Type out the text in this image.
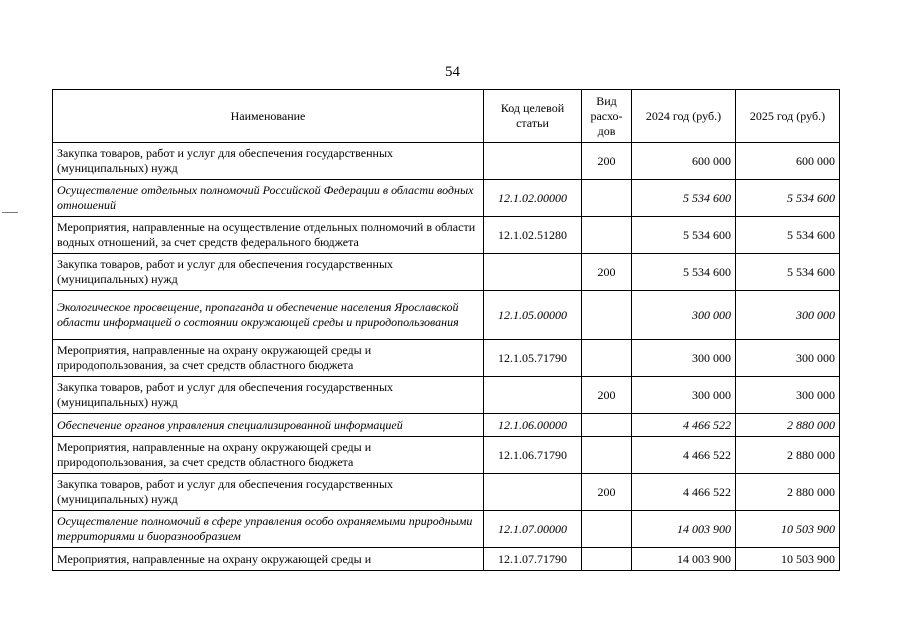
54
Наименование	Код целевой статьи	Вид расхо-дов	2024 год (руб.)	2025 год (руб.)
Закупка товаров, работ и услуг для обеспечения государственных (муниципальных) нужд		200	600 000	600 000
Осуществление отдельных полномочий Российской Федерации в области водных отношений	12.1.02.00000		5 534 600	5 534 600
Мероприятия, направленные на осуществление отдельных полномочий в области водных отношений, за счет средств федерального бюджета	12.1.02.51280		5 534 600	5 534 600
Закупка товаров, работ и услуг для обеспечения государственных (муниципальных) нужд		200	5 534 600	5 534 600
Экологическое просвещение, пропаганда и обеспечение населения Ярославской области информацией о состоянии окружающей среды и природопользования	12.1.05.00000		300 000	300 000
Мероприятия, направленные на охрану окружающей среды и природопользования, за счет средств областного бюджета	12.1.05.71790		300 000	300 000
Закупка товаров, работ и услуг для обеспечения государственных (муниципальных) нужд		200	300 000	300 000
Обеспечение органов управления специализированной информацией	12.1.06.00000		4 466 522	2 880 000
Мероприятия, направленные на охрану окружающей среды и природопользования, за счет средств областного бюджета	12.1.06.71790		4 466 522	2 880 000
Закупка товаров, работ и услуг для обеспечения государственных (муниципальных) нужд		200	4 466 522	2 880 000
Осуществление полномочий в сфере управления особо охраняемыми природными территориями и биоразнообразием	12.1.07.00000		14 003 900	10 503 900
Мероприятия, направленные на охрану окружающей среды и	12.1.07.71790		14 003 900	10 503 900
